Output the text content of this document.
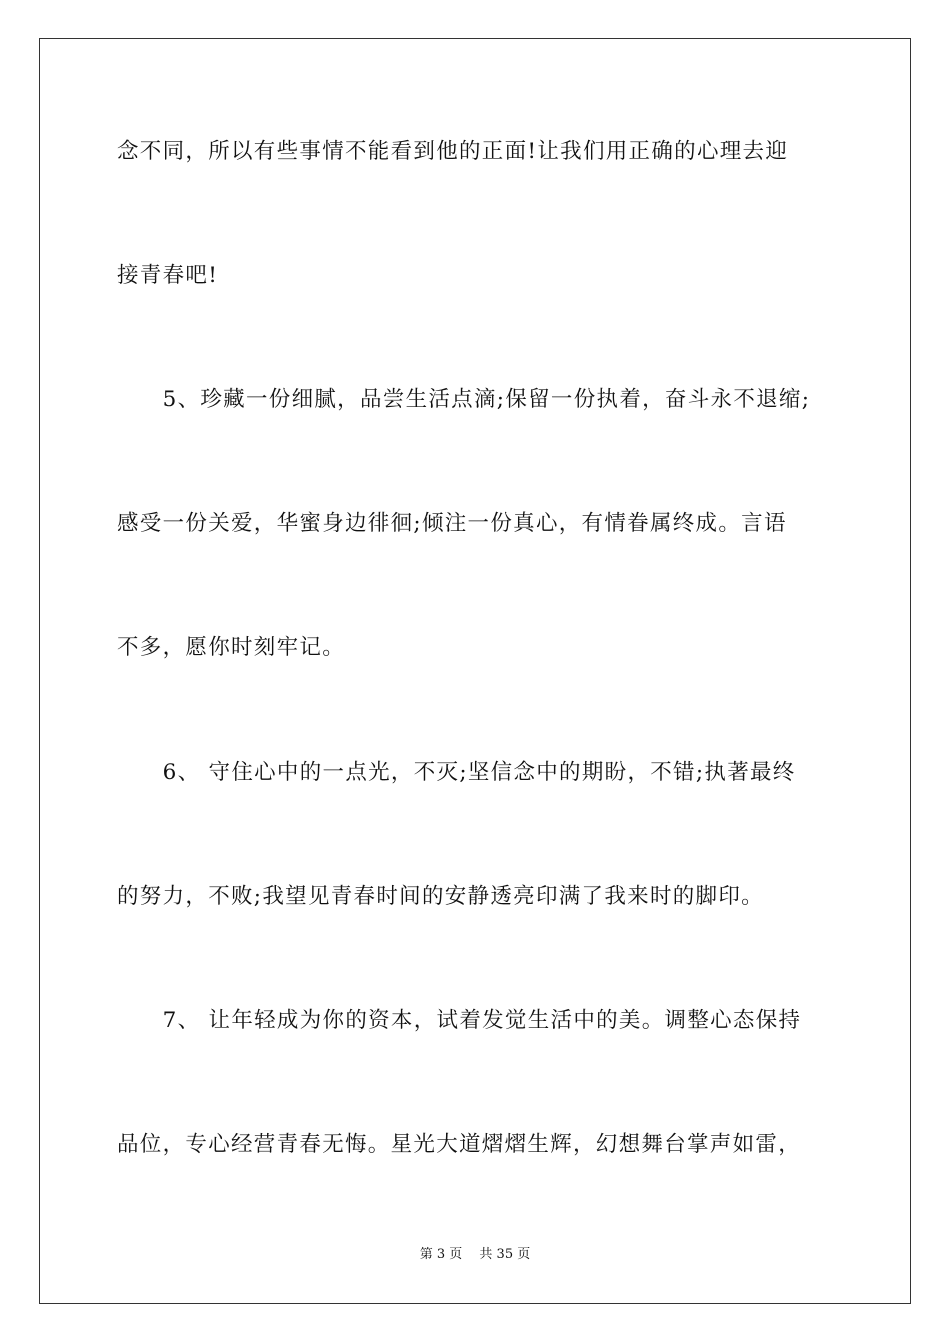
念不同，所以有些事情不能看到他的正面!让我们用正确的心理去迎
接青春吧!
　　5、珍藏一份细腻，品尝生活点滴;保留一份执着，奋斗永不退缩;
感受一份关爱，华蜜身边徘徊;倾注一份真心，有情眷属终成。言语
不多，愿你时刻牢记。
　　6、 守住心中的一点光，不灭;坚信念中的期盼，不错;执著最终
的努力，不败;我望见青春时间的安静透亮印满了我来时的脚印。
　　7、 让年轻成为你的资本，试着发觉生活中的美。调整心态保持
品位，专心经营青春无悔。星光大道熠熠生辉，幻想舞台掌声如雷，
第 3 页　 共 35 页
